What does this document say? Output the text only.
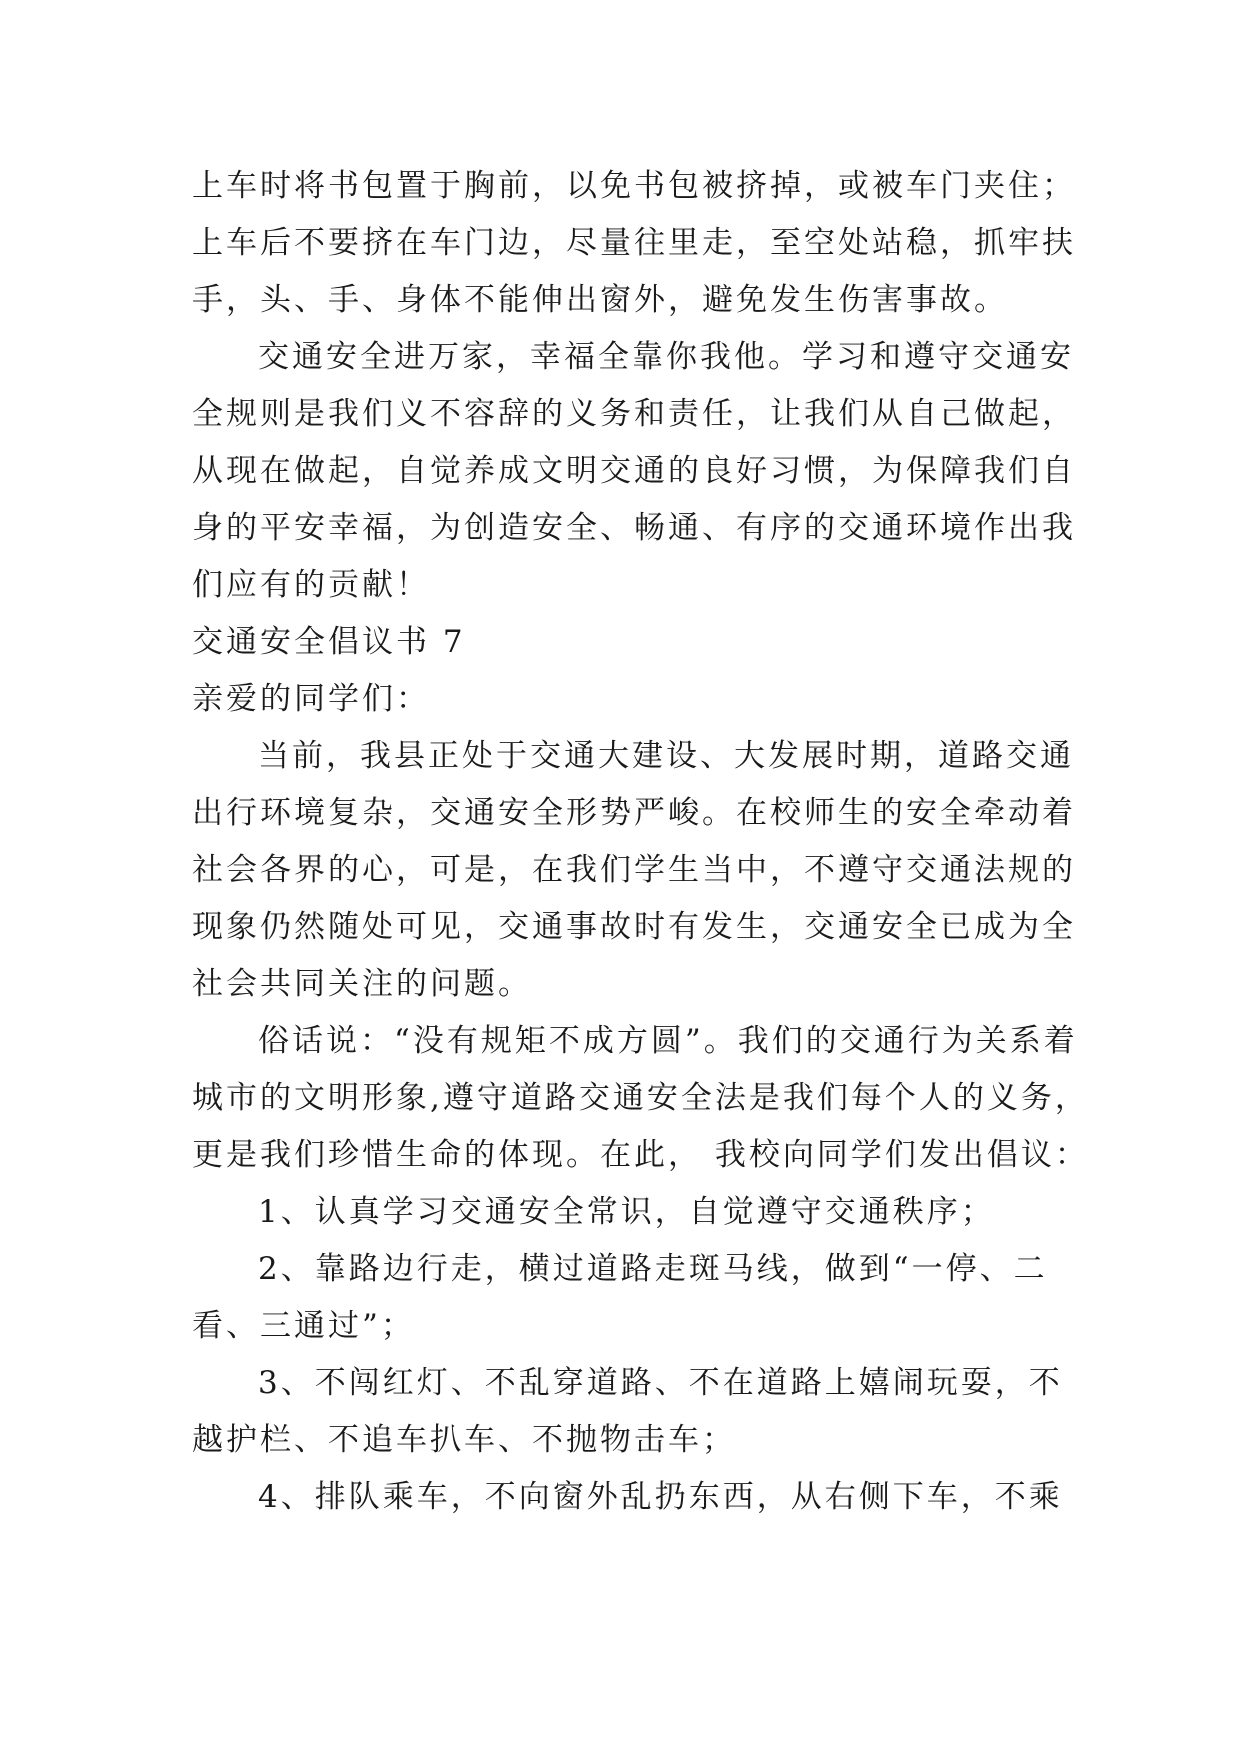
上车时将书包置于胸前，以免书包被挤掉，或被车门夹住；
上车后不要挤在车门边，尽量往里走，至空处站稳，抓牢扶
手，头、手、身体不能伸出窗外，避免发生伤害事故。
交通安全进万家，幸福全靠你我他。学习和遵守交通安
全规则是我们义不容辞的义务和责任，让我们从自己做起，
从现在做起，自觉养成文明交通的良好习惯，为保障我们自
身的平安幸福，为创造安全、畅通、有序的交通环境作出我
们应有的贡献！
交通安全倡议书 7
亲爱的同学们：
当前，我县正处于交通大建设、大发展时期，道路交通
出行环境复杂，交通安全形势严峻。在校师生的安全牵动着
社会各界的心，可是，在我们学生当中，不遵守交通法规的
现象仍然随处可见，交通事故时有发生，交通安全已成为全
社会共同关注的问题。
俗话说：“没有规矩不成方圆”。我们的交通行为关系着
城市的文明形象,遵守道路交通安全法是我们每个人的义务，
更是我们珍惜生命的体现。在此， 我校向同学们发出倡议：
1、认真学习交通安全常识，自觉遵守交通秩序；
2、靠路边行走，横过道路走斑马线，做到“一停、二
看、三通过”；
3、不闯红灯、不乱穿道路、不在道路上嬉闹玩耍，不
越护栏、不追车扒车、不抛物击车；
4、排队乘车，不向窗外乱扔东西，从右侧下车，不乘
